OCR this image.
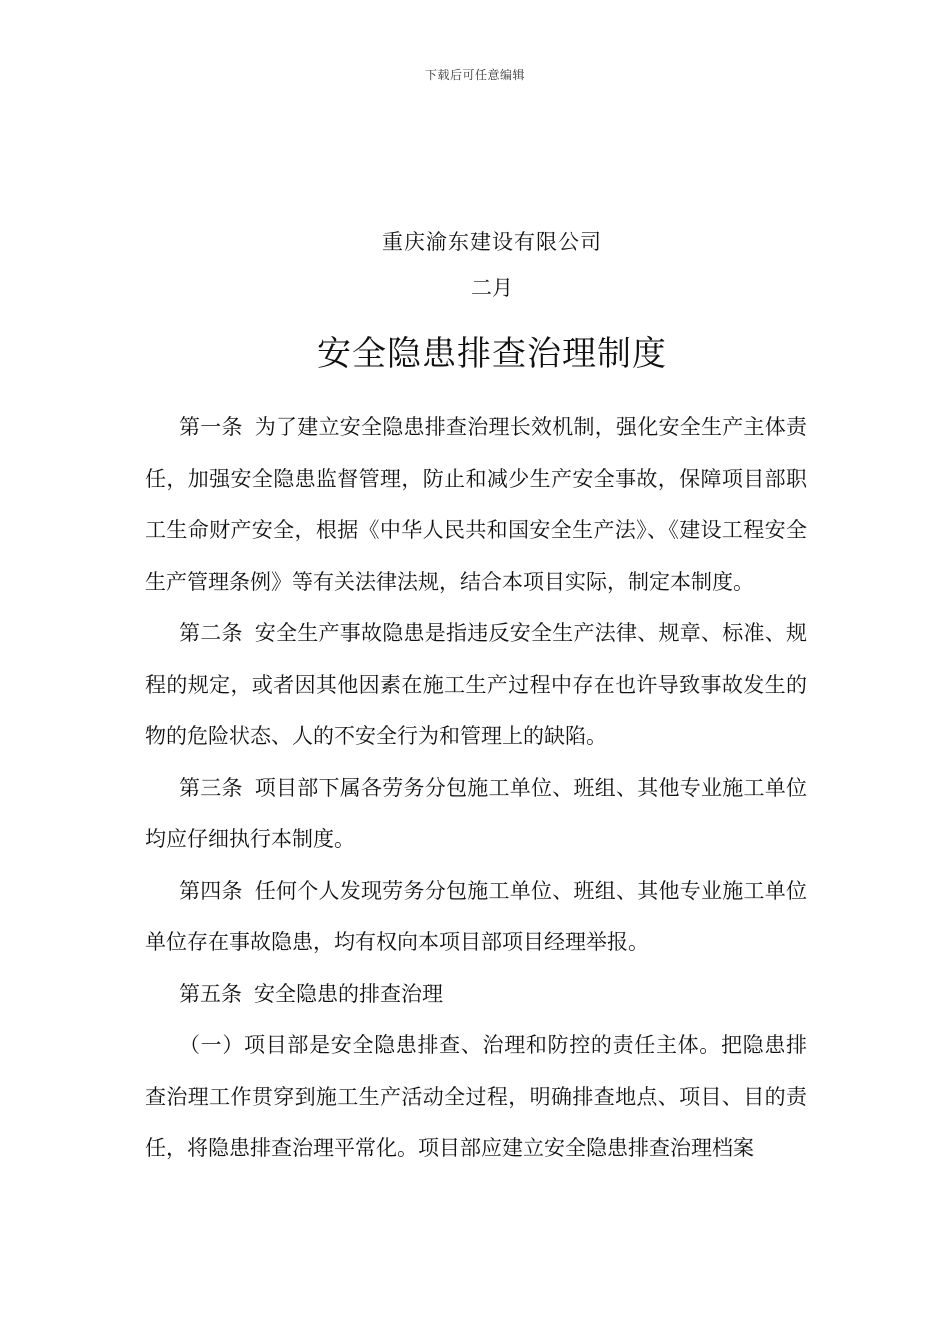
下载后可任意编辑
重庆渝东建设有限公司
二月
安全隐患排查治理制度

第一条 为了建立安全隐患排查治理长效机制，强化安全生产主体责任，加强安全隐患监督管理，防止和减少生产安全事故，保障项目部职工生命财产安全，根据《中华人民共和国安全生产法》、《建设工程安全生产管理条例》等有关法律法规，结合本项目实际，制定本制度。

第二条 安全生产事故隐患是指违反安全生产法律、规章、标准、规程的规定，或者因其他因素在施工生产过程中存在也许导致事故发生的物的危险状态、人的不安全行为和管理上的缺陷。

第三条 项目部下属各劳务分包施工单位、班组、其他专业施工单位均应仔细执行本制度。

第四条 任何个人发现劳务分包施工单位、班组、其他专业施工单位单位存在事故隐患，均有权向本项目部项目经理举报。

第五条 安全隐患的排查治理

（一）项目部是安全隐患排查、治理和防控的责任主体。把隐患排查治理工作贯穿到施工生产活动全过程，明确排查地点、项目、目的责任，将隐患排查治理平常化。项目部应建立安全隐患排查治理档案
